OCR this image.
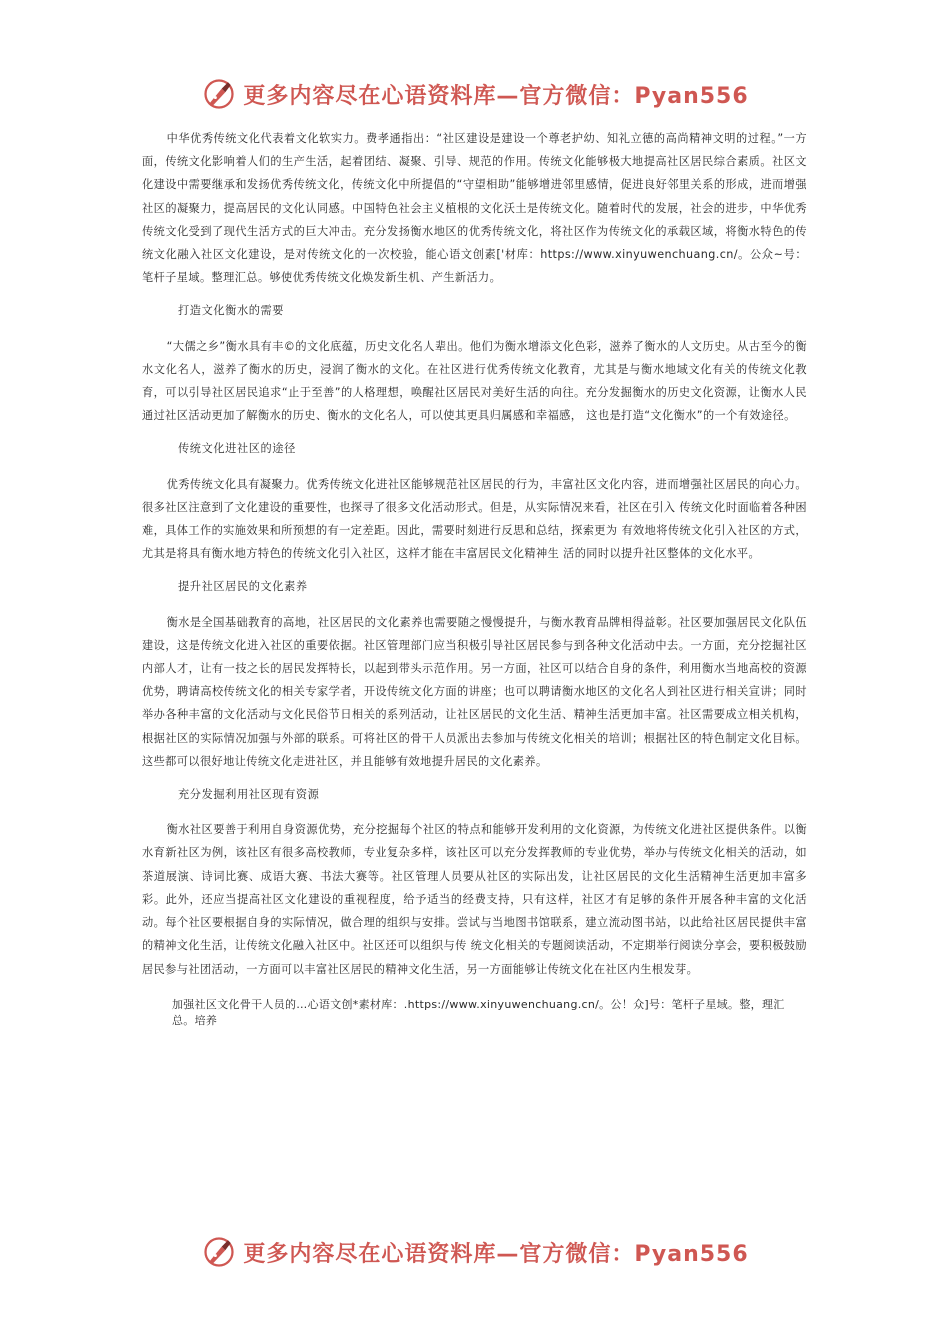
更多内容尽在心语资料库—官方微信：Pyan556

中华优秀传统文化代表着文化软实力。费孝通指出：“社区建设是建设一个尊老护幼、知礼立德的高尚精神文明的过程。”一方面，传统文化影响着人们的生产生活，起着团结、凝聚、引导、规范的作用。传统文化能够极大地提高社区居民综合素质。社区文化建设中需要继承和发扬优秀传统文化，传统文化中所提倡的“守望相助”能够增进邻里感情，促进良好邻里关系的形成，进而增强社区的凝聚力，提高居民的文化认同感。中国特色社会主义植根的文化沃土是传统文化。随着时代的发展，社会的进步，中华优秀传统文化受到了现代生活方式的巨大冲击。充分发扬衡水地区的优秀传统文化，将社区作为传统文化的承载区域，将衡水特色的传统文化融入社区文化建设，是对传统文化的一次校验，能心语文创素['材库：https://www.xinyuwenchuang.cn/。公众~号：笔杆子星域。整理汇总。够使优秀传统文化焕发新生机、产生新活力。

打造文化衡水的需要

“大儒之乡”衡水具有丰©的文化底蕴，历史文化名人辈出。他们为衡水增添文化色彩，滋养了衡水的人文历史。从古至今的衡水文化名人，滋养了衡水的历史，浸润了衡水的文化。在社区进行优秀传统文化教育，尤其是与衡水地域文化有关的传统文化教育，可以引导社区居民追求“止于至善”的人格理想，唤醒社区居民对美好生活的向往。充分发掘衡水的历史文化资源，让衡水人民通过社区活动更加了解衡水的历史、衡水的文化名人，可以使其更具归属感和幸福感， 这也是打造“文化衡水”的一个有效途径。

传统文化进社区的途径

优秀传统文化具有凝聚力。优秀传统文化进社区能够规范社区居民的行为，丰富社区文化内容，进而增强社区居民的向心力。很多社区注意到了文化建设的重要性，也探寻了很多文化活动形式。但是，从实际情况来看，社区在引入 传统文化时面临着各种困难，具体工作的实施效果和所预想的有一定差距。因此，需要时刻进行反思和总结，探索更为 有效地将传统文化引入社区的方式，尤其是将具有衡水地方特色的传统文化引入社区，这样才能在丰富居民文化精神生 活的同时以提升社区整体的文化水平。

提升社区居民的文化素养

衡水是全国基础教育的高地，社区居民的文化素养也需要随之慢慢提升，与衡水教育品牌相得益彰。社区要加强居民文化队伍建设，这是传统文化进入社区的重要依据。社区管理部门应当积极引导社区居民参与到各种文化活动中去。一方面，充分挖掘社区内部人才，让有一技之长的居民发挥特长，以起到带头示范作用。另一方面，社区可以结合自身的条件，利用衡水当地高校的资源优势，聘请高校传统文化的相关专家学者，开设传统文化方面的讲座；也可以聘请衡水地区的文化名人到社区进行相关宣讲；同时举办各种丰富的文化活动与文化民俗节日相关的系列活动，让社区居民的文化生活、精神生活更加丰富。社区需要成立相关机构，根据社区的实际情况加强与外部的联系。可将社区的骨干人员派出去参加与传统文化相关的培训；根据社区的特色制定文化目标。这些都可以很好地让传统文化走进社区，并且能够有效地提升居民的文化素养。

充分发掘利用社区现有资源

衡水社区要善于利用自身资源优势，充分挖掘每个社区的特点和能够开发利用的文化资源，为传统文化进社区提供条件。以衡水育新社区为例，该社区有很多高校教师，专业复杂多样，该社区可以充分发挥教师的专业优势，举办与传统文化相关的活动，如茶道展演、诗词比赛、成语大赛、书法大赛等。社区管理人员要从社区的实际出发，让社区居民的文化生活精神生活更加丰富多彩。此外，还应当提高社区文化建设的重视程度，给予适当的经费支持，只有这样，社区才有足够的条件开展各种丰富的文化活动。每个社区要根据自身的实际情况，做合理的组织与安排。尝试与当地图书馆联系，建立流动图书站，以此给社区居民提供丰富的精神文化生活，让传统文化融入社区中。社区还可以组织与传 统文化相关的专题阅读活动，不定期举行阅读分享会，要积极鼓励居民参与社团活动，一方面可以丰富社区居民的精神文化生活，另一方面能够让传统文化在社区内生根发芽。

加强社区文化骨干人员的…心语文创*素材库：.https://www.xinyuwenchuang.cn/。公！众]号：笔杆子星域。整，理汇总。培养
更多内容尽在心语资料库—官方微信：Pyan556
